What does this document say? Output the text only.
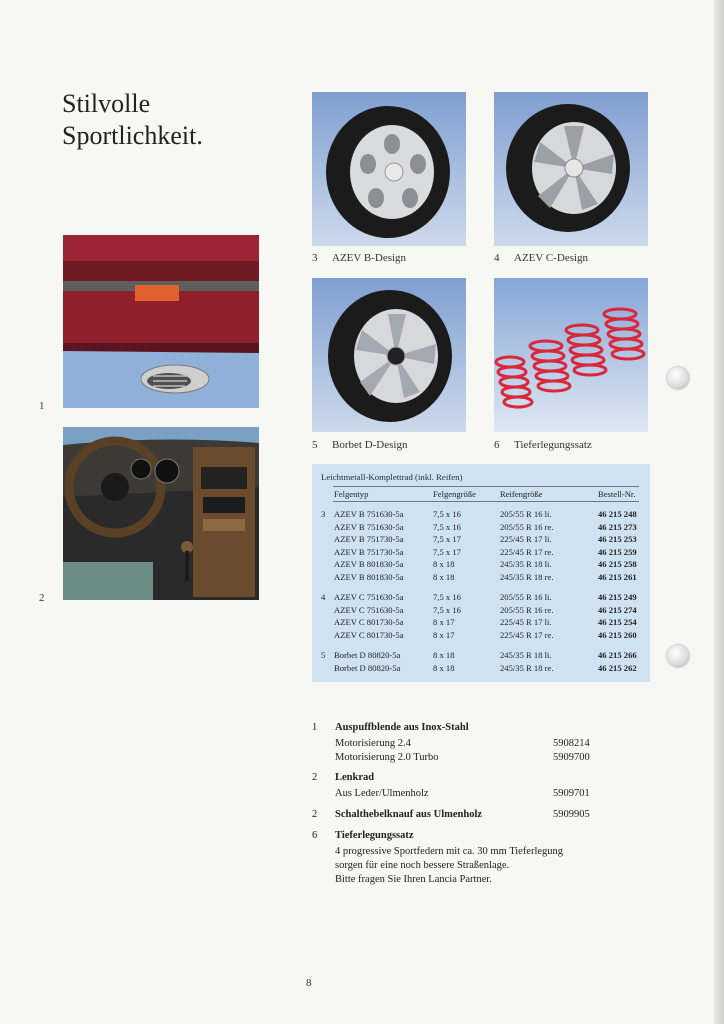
Stilvolle
Sportlichkeit.
1
2
3 AZEV B-Design	4 AZEV C-Design
5 Borbet D-Design	6 Tieferlegungssatz
Leichtmetall-Komplettrad (inkl. Reifen)
Felgentyp	Felgengröße	Reifengröße	Bestell-Nr.
3 AZEV B 751630-5a	7,5 x 16	205/55 R 16 li.	46 215 248
AZEV B 751630-5a	7,5 x 16	205/55 R 16 re.	46 215 273
AZEV B 751730-5a	7,5 x 17	225/45 R 17 li.	46 215 253
AZEV B 751730-5a	7,5 x 17	225/45 R 17 re.	46 215 259
AZEV B 801830-5a	8 x 18	245/35 R 18 li.	46 215 258
AZEV B 801830-5a	8 x 18	245/35 R 18 re.	46 215 261
4 AZEV C 751630-5a	7,5 x 16	205/55 R 16 li.	46 215 249
AZEV C 751630-5a	7,5 x 16	205/55 R 16 re.	46 215 274
AZEV C 801730-5a	8 x 17	225/45 R 17 li.	46 215 254
AZEV C 801730-5a	8 x 17	225/45 R 17 re.	46 215 260
5 Borbet D 80820-5a	8 x 18	245/35 R 18 li.	46 215 266
Borbet D 80820-5a	8 x 18	245/35 R 18 re.	46 215 262
1 Auspuffblende aus Inox-Stahl
Motorisierung 2.4	5908214
Motorisierung 2.0 Turbo	5909700
2 Lenkrad
Aus Leder/Ulmenholz	5909701
2 Schalthebelknauf aus Ulmenholz	5909905
6 Tieferlegungssatz
4 progressive Sportfedern mit ca. 30 mm Tieferlegung
sorgen für eine noch bessere Straßenlage.
Bitte fragen Sie Ihren Lancia Partner.
8
